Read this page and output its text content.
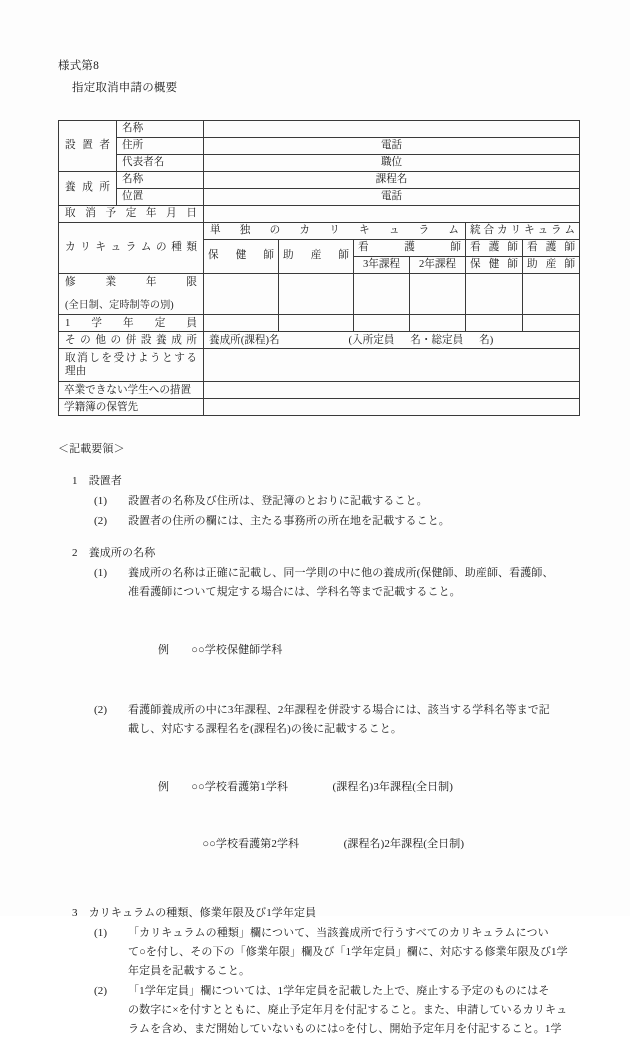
様式第8
指定取消申請の概要
設置者	名称						
	住所	電話					
	代表者名	職位					
養成所	名称	課程名					
	位置	電話					
取消予定年月日							
カリキュラムの種類		単独のカリキュラム				統合カリキュラム	
		保健師	助産師	看護師		看護師	看護師
				3年課程	2年課程	保健師	助産師

修業年限
(全日制、定時制等の別)							

1学年定員							
その他の併設養成所		養成所(課程)名                          (入所定員      名・総定員      名)					

取消しを受けようとする
理由							

卒業できない学生への措置							
学籍簿の保管先							
＜記載要領＞
1　設置者
(1)	設置者の名称及び住所は、登記簿のとおりに記載すること。
(2)	設置者の住所の欄には、主たる事務所の所在地を記載すること。
2　養成所の名称
(1)	養成所の名称は正確に記載し、同一学則の中に他の養成所(保健師、助産師、看護師、
准看護師について規定する場合には、学科名等まで記載すること。

例　　○○学校保健師学科

(2)	看護師養成所の中に3年課程、2年課程を併設する場合には、該当する学科名等まで記
載し、対応する課程名を(課程名)の後に記載すること。

例　　○○学校看護第1学科　　　　(課程名)3年課程(全日制)

　　　　○○学校看護第2学科　　　　(課程名)2年課程(全日制)

3　カリキュラムの種類、修業年限及び1学年定員
(1)	「カリキュラムの種類」欄について、当該養成所で行うすべてのカリキュラムについ
て○を付し、その下の「修業年限」欄及び「1学年定員」欄に、対応する修業年限及び1学
年定員を記載すること。
(2)	「1学年定員」欄については、1学年定員を記載した上で、廃止する予定のものにはそ
の数字に×を付すとともに、廃止予定年月を付記すること。また、申請しているカリキュ
ラムを含め、まだ開始していないものには○を付し、開始予定年月を付記すること。1学
